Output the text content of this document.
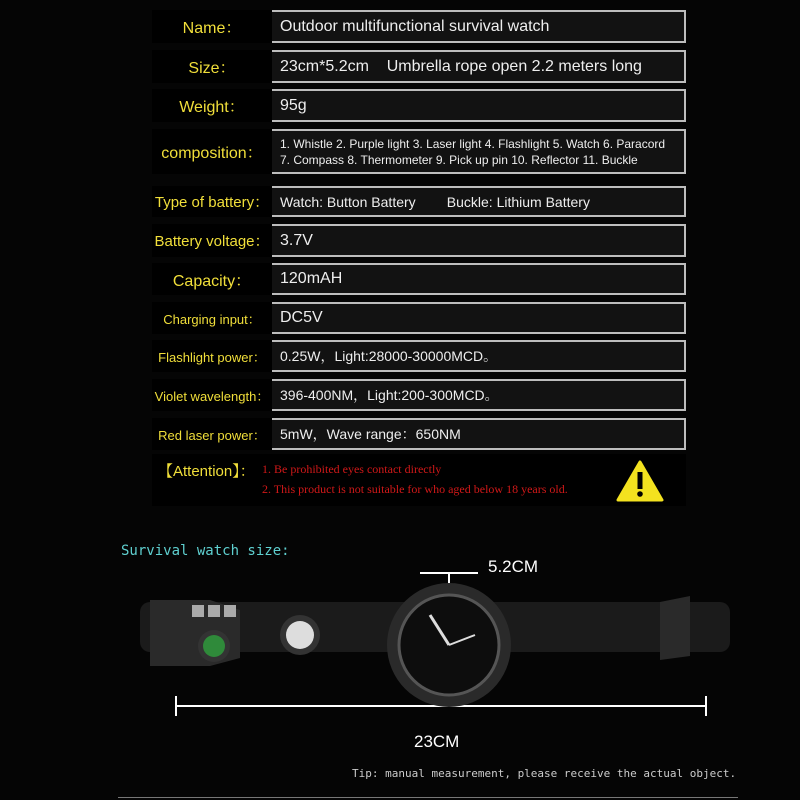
Name：	Outdoor multifunctional survival watch
Size：	23cm*5.2cm    Umbrella rope open 2.2 meters long
Weight：	95g
composition：
1. Whistle 2. Purple light 3. Laser light 4. Flashlight 5. Watch 6. Paracord
7. Compass 8. Thermometer 9. Pick up pin 10. Reflector 11. Buckle
Type of battery： Watch: Button Battery        Buckle: Lithium Battery
Battery voltage： 3.7V
Capacity：	120mAH
Charging input：	DC5V
Flashlight power：	0.25W，Light:28000-30000MCD。
Violet wavelength： 396-400NM，Light:200-300MCD。
Red laser power：	5mW，Wave range：650NM
【Attention】： 1. Be prohibited eyes contact directly
2. This product is not suitable for who aged below 18 years old.
Survival watch size:
5.2CM
23CM
Tip: manual measurement, please receive the actual object.
